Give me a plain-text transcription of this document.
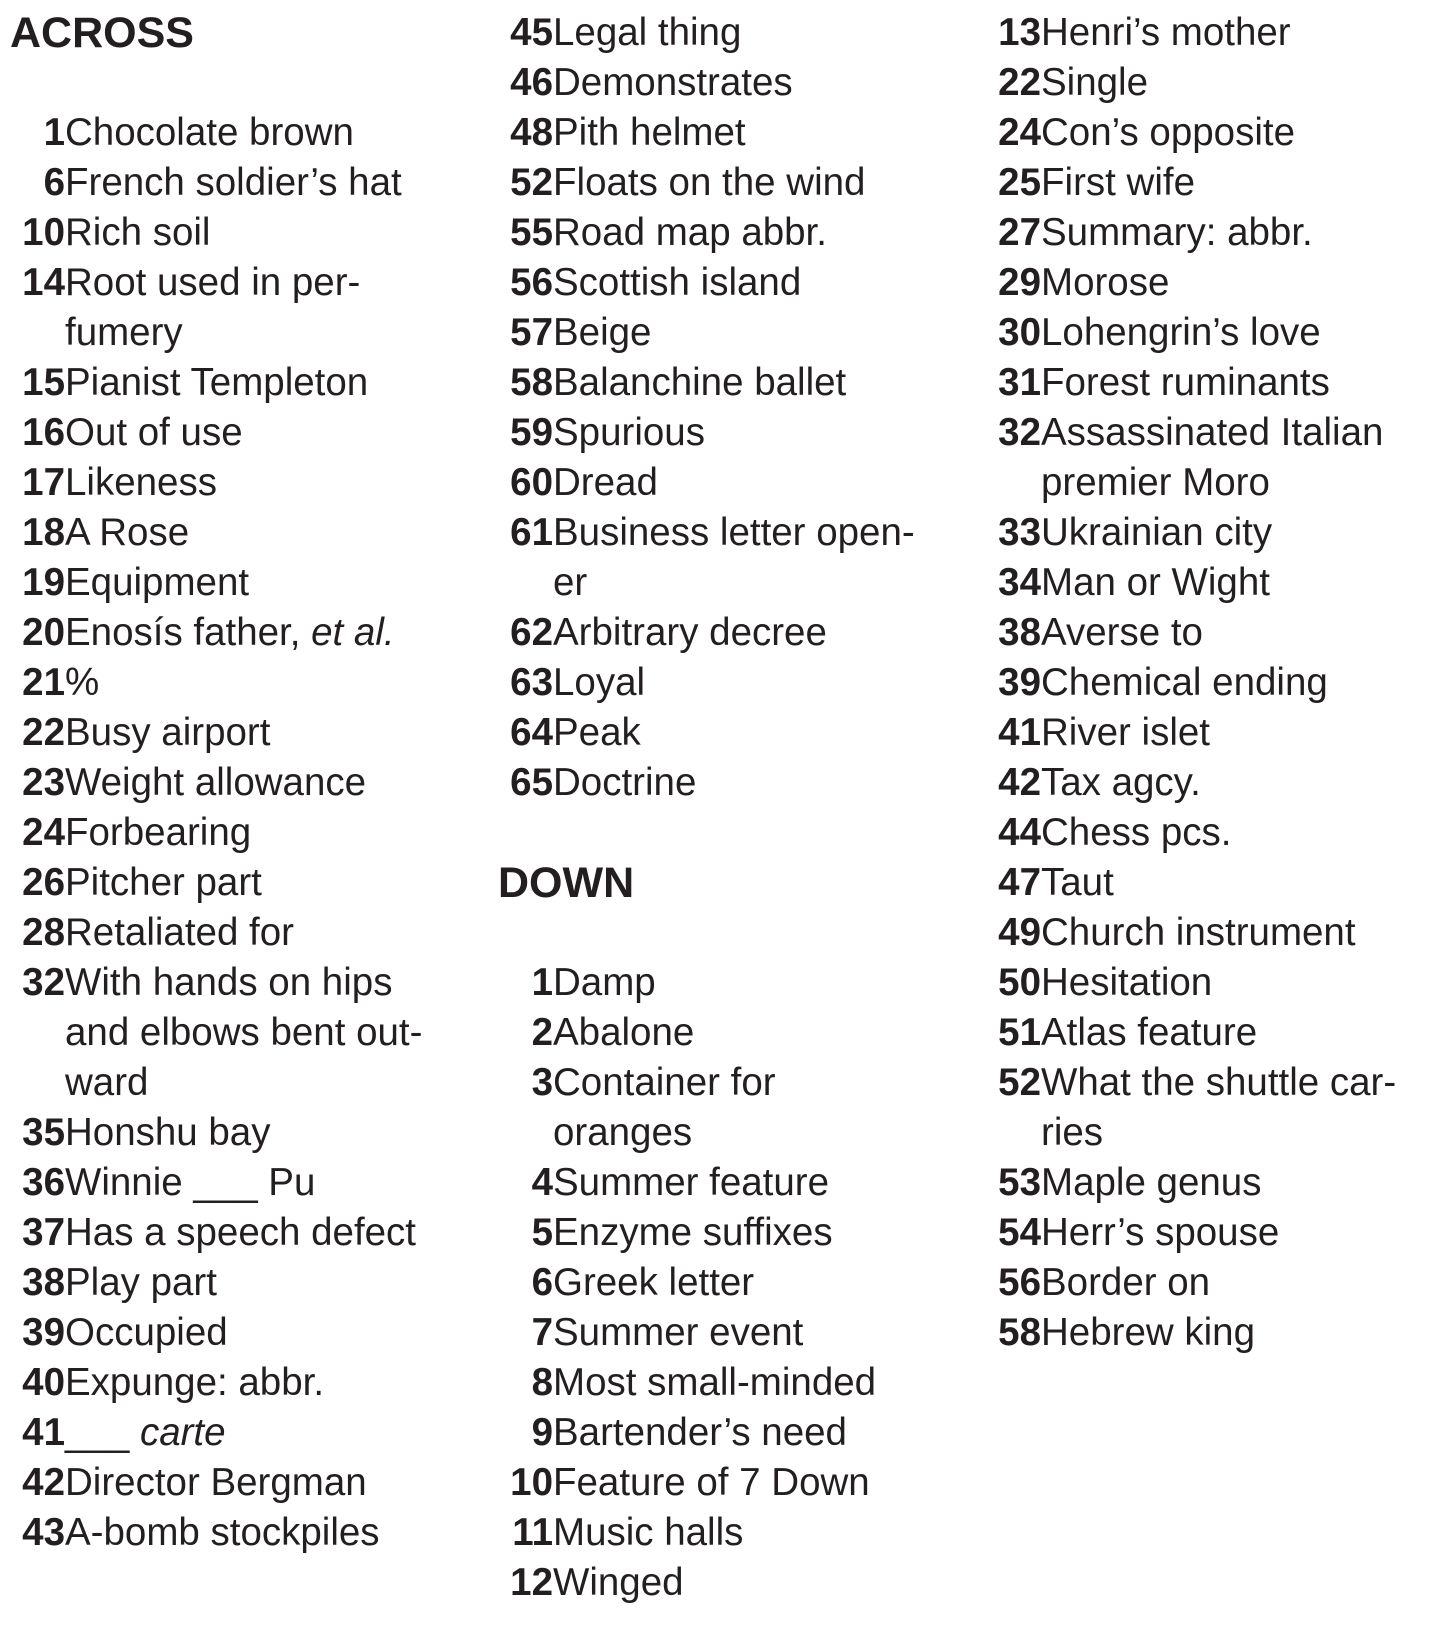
ACROSS
1 Chocolate brown
6 French soldier’s hat
10 Rich soil
14 Root used in per-
fumery
15 Pianist Templeton
16 Out of use
17 Likeness
18 A Rose
19 Equipment
20 Enosís father, et al.
21 %
22 Busy airport
23 Weight allowance
24 Forbearing
26 Pitcher part
28 Retaliated for
32 With hands on hips
and elbows bent out-
ward
35 Honshu bay
36 Winnie ___ Pu
37 Has a speech defect
38 Play part
39 Occupied
40 Expunge: abbr.
41 ___ carte
42 Director Bergman
43 A-bomb stockpiles
45 Legal thing
46 Demonstrates
48 Pith helmet
52 Floats on the wind
55 Road map abbr.
56 Scottish island
57 Beige
58 Balanchine ballet
59 Spurious
60 Dread
61 Business letter open-
er
62 Arbitrary decree
63 Loyal
64 Peak
65 Doctrine
DOWN
1 Damp
2 Abalone
3 Container for
oranges
4 Summer feature
5 Enzyme suffixes
6 Greek letter
7 Summer event
8 Most small-minded
9 Bartender’s need
10 Feature of 7 Down
11 Music halls
12 Winged
13 Henri’s mother
22 Single
24 Con’s opposite
25 First wife
27 Summary: abbr.
29 Morose
30 Lohengrin’s love
31 Forest ruminants
32 Assassinated Italian
premier Moro
33 Ukrainian city
34 Man or Wight
38 Averse to
39 Chemical ending
41 River islet
42 Tax agcy.
44 Chess pcs.
47 Taut
49 Church instrument
50 Hesitation
51 Atlas feature
52 What the shuttle car-
ries
53 Maple genus
54 Herr’s spouse
56 Border on
58 Hebrew king
